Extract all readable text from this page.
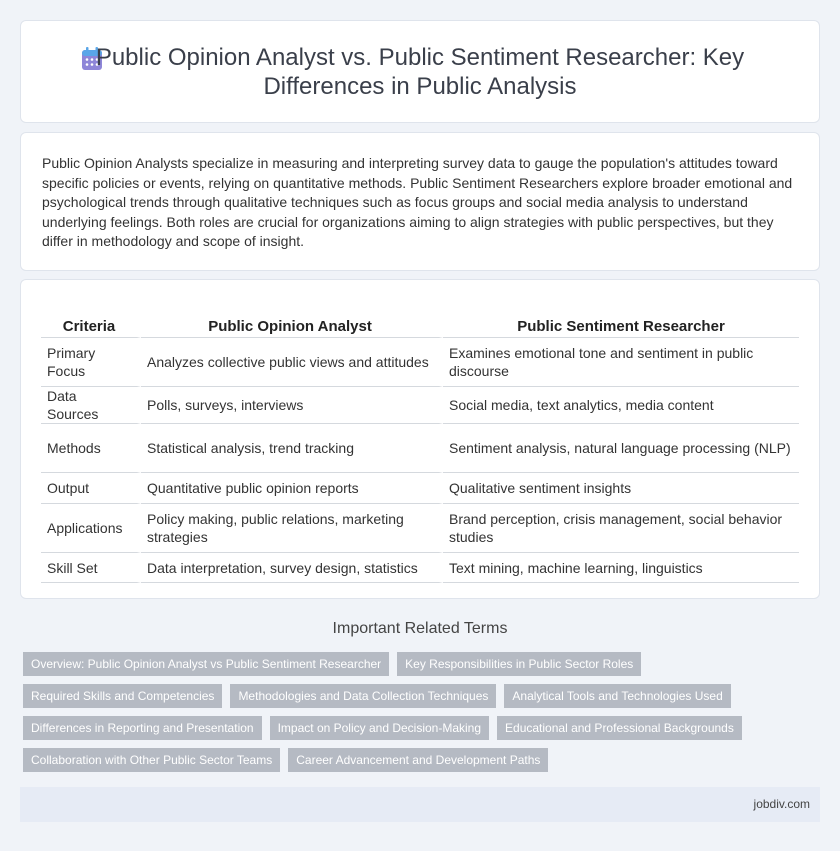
Public Opinion Analyst vs. Public Sentiment Researcher: Key Differences in Public Analysis

Public Opinion Analysts specialize in measuring and interpreting survey data to gauge the population's attitudes toward specific policies or events, relying on quantitative methods. Public Sentiment Researchers explore broader emotional and psychological trends through qualitative techniques such as focus groups and social media analysis to understand underlying feelings. Both roles are crucial for organizations aiming to align strategies with public perspectives, but they differ in methodology and scope of insight.

Criteria	Public Opinion Analyst	Public Sentiment Researcher
Primary Focus	Analyzes collective public views and attitudes	Examines emotional tone and sentiment in public discourse
Data Sources	Polls, surveys, interviews	Social media, text analytics, media content
Methods	Statistical analysis, trend tracking	Sentiment analysis, natural language processing (NLP)
Output	Quantitative public opinion reports	Qualitative sentiment insights
Applications	Policy making, public relations, marketing strategies	Brand perception, crisis management, social behavior studies
Skill Set	Data interpretation, survey design, statistics	Text mining, machine learning, linguistics
Important Related Terms
Overview: Public Opinion Analyst vs Public Sentiment Researcher	Key Responsibilities in Public Sector Roles
Required Skills and Competencies	Methodologies and Data Collection Techniques	Analytical Tools and Technologies Used
Differences in Reporting and Presentation	Impact on Policy and Decision-Making	Educational and Professional Backgrounds
Collaboration with Other Public Sector Teams	Career Advancement and Development Paths
jobdiv.com
